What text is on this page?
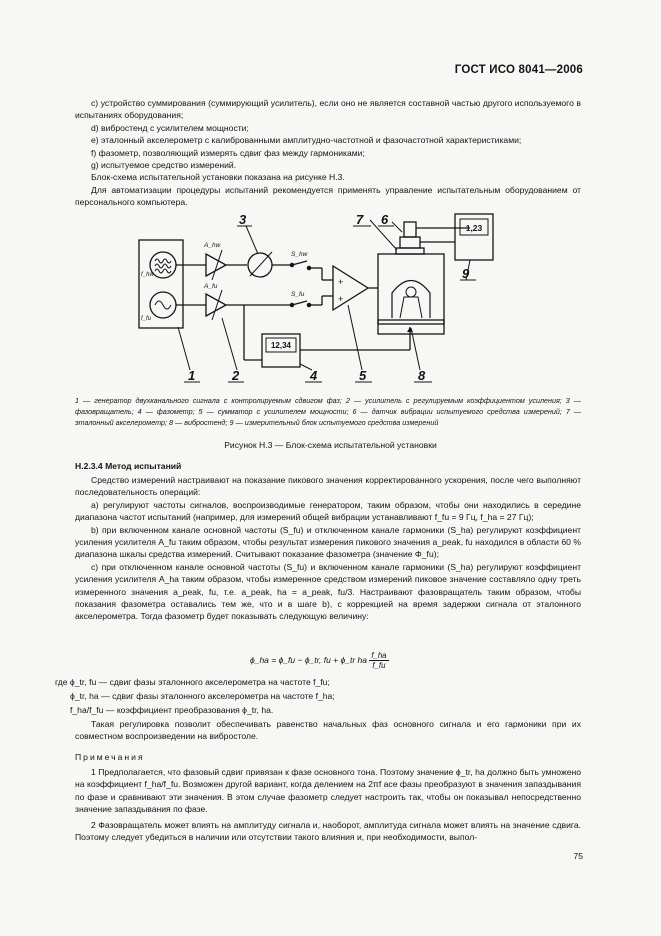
ГОСТ ИСО 8041—2006

с) устройство суммирования (суммирующий усилитель), если оно не является составной частью другого используемого в испытаниях оборудования;

d) вибростенд с усилителем мощности;

е) эталонный акселерометр с калиброванными амплитудно-частотной и фазочастотной характеристиками;

f) фазометр, позволяющий измерять сдвиг фаз между гармониками;

g) испытуемое средство измерений.

Блок-схема испытательной установки показана на рисунке Н.3.

Для автоматизации процедуры испытаний рекомендуется применять управление испытательным оборудованием от персонального компьютера.

12,34
1,23
f_hw
f_fu
A_hw
A_fu
S_hw
S_fu
+
+
1	2
3
4	5
6
7
8
9
1 — генератор двухканального сигнала с контролируемым сдвигом фаз; 2 — усилитель с регулируемым коэффициентом усиления; 3 — фазовращатель; 4 — фазометр; 5 — сумматор с усилителем мощности; 6 — датчик вибрации испытуемого средства измерений; 7 — эталонный акселерометр; 8 — вибростенд; 9 — измерительный блок испытуемого средства измерений
Рисунок Н.3 — Блок-схема испытательной установки
Н.2.3.4 Метод испытаний

Средство измерений настраивают на показание пикового значения корректированного ускорения, после чего выполняют последовательность операций:

a) регулируют частоты сигналов, воспроизводимые генератором, таким образом, чтобы они находились в середине диапазона частот испытаний (например, для измерений общей вибрации устанавливают f_fu = 9 Гц, f_ha = 27 Гц);

b) при включенном канале основной частоты (S_fu) и отключенном канале гармоники (S_ha) регулируют коэффициент усиления усилителя A_fu таким образом, чтобы результат измерения пикового значения a_peak, fu находился в области 60 % диапазона шкалы средства измерений. Считывают показание фазометра (значение Φ_fu);

c) при отключенном канале основной частоты (S_fu) и включенном канале гармоники (S_ha) регулируют коэффициент усиления усилителя A_ha таким образом, чтобы измеренное средством измерений пиковое значение составляло одну треть измеренного значения a_peak, fu, т.е. a_peak, ha = a_peak, fu/3. Настраивают фазовращатель таким образом, чтобы показания фазометра оставались тем же, что и в шаге b), с коррекцией на время задержки сигнала от эталонного акселерометра. Тогда фазометр будет показывать следующую величину:

ϕ_ha = ϕ_fu − ϕ_tr, fu + ϕ_tr ha $\frac{f\_ha}{f\_fu}$
где ϕ_tr, fu — сдвиг фазы эталонного акселерометра на частоте f_fu;
ϕ_tr, ha — сдвиг фазы эталонного акселерометра на частоте f_ha;
f_ha/f_fu — коэффициент преобразования ϕ_tr, ha.

Такая регулировка позволит обеспечивать равенство начальных фаз основного сигнала и его гармоники при их совместном воспроизведении на вибростоле.

Примечания

1 Предполагается, что фазовый сдвиг привязан к фазе основного тона. Поэтому значение ϕ_tr, ha должно быть умножено на коэффициент f_ha/f_fu. Возможен другой вариант, когда делением на 2πf асе фазы преобразуют в значения запаздывания по фазе и сравнивают эти значения. В этом случае фазометр следует настроить так, чтобы он показывал непосредственно значение запаздывания по фазе.

2 Фазовращатель может влиять на амплитуду сигнала и, наоборот, амплитуда сигнала может влиять на значение сдвига. Поэтому следует убедиться в наличии или отсутствии такого влияния и, при необходимости, выпол-

75
